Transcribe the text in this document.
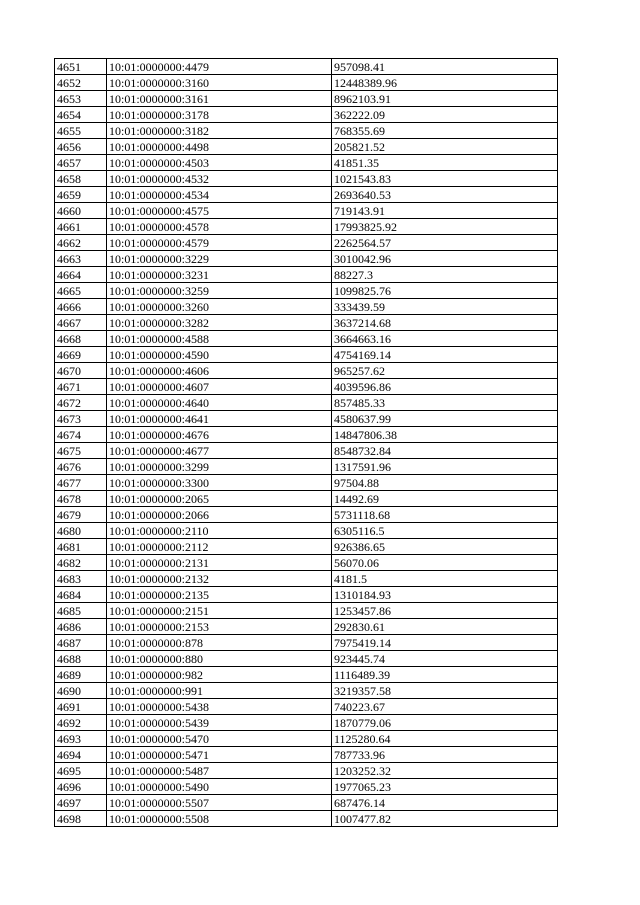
4651	10:01:0000000:4479	957098.41
4652	10:01:0000000:3160	12448389.96
4653	10:01:0000000:3161	8962103.91
4654	10:01:0000000:3178	362222.09
4655	10:01:0000000:3182	768355.69
4656	10:01:0000000:4498	205821.52
4657	10:01:0000000:4503	41851.35
4658	10:01:0000000:4532	1021543.83
4659	10:01:0000000:4534	2693640.53
4660	10:01:0000000:4575	719143.91
4661	10:01:0000000:4578	17993825.92
4662	10:01:0000000:4579	2262564.57
4663	10:01:0000000:3229	3010042.96
4664	10:01:0000000:3231	88227.3
4665	10:01:0000000:3259	1099825.76
4666	10:01:0000000:3260	333439.59
4667	10:01:0000000:3282	3637214.68
4668	10:01:0000000:4588	3664663.16
4669	10:01:0000000:4590	4754169.14
4670	10:01:0000000:4606	965257.62
4671	10:01:0000000:4607	4039596.86
4672	10:01:0000000:4640	857485.33
4673	10:01:0000000:4641	4580637.99
4674	10:01:0000000:4676	14847806.38
4675	10:01:0000000:4677	8548732.84
4676	10:01:0000000:3299	1317591.96
4677	10:01:0000000:3300	97504.88
4678	10:01:0000000:2065	14492.69
4679	10:01:0000000:2066	5731118.68
4680	10:01:0000000:2110	6305116.5
4681	10:01:0000000:2112	926386.65
4682	10:01:0000000:2131	56070.06
4683	10:01:0000000:2132	4181.5
4684	10:01:0000000:2135	1310184.93
4685	10:01:0000000:2151	1253457.86
4686	10:01:0000000:2153	292830.61
4687	10:01:0000000:878	7975419.14
4688	10:01:0000000:880	923445.74
4689	10:01:0000000:982	1116489.39
4690	10:01:0000000:991	3219357.58
4691	10:01:0000000:5438	740223.67
4692	10:01:0000000:5439	1870779.06
4693	10:01:0000000:5470	1125280.64
4694	10:01:0000000:5471	787733.96
4695	10:01:0000000:5487	1203252.32
4696	10:01:0000000:5490	1977065.23
4697	10:01:0000000:5507	687476.14
4698	10:01:0000000:5508	1007477.82
